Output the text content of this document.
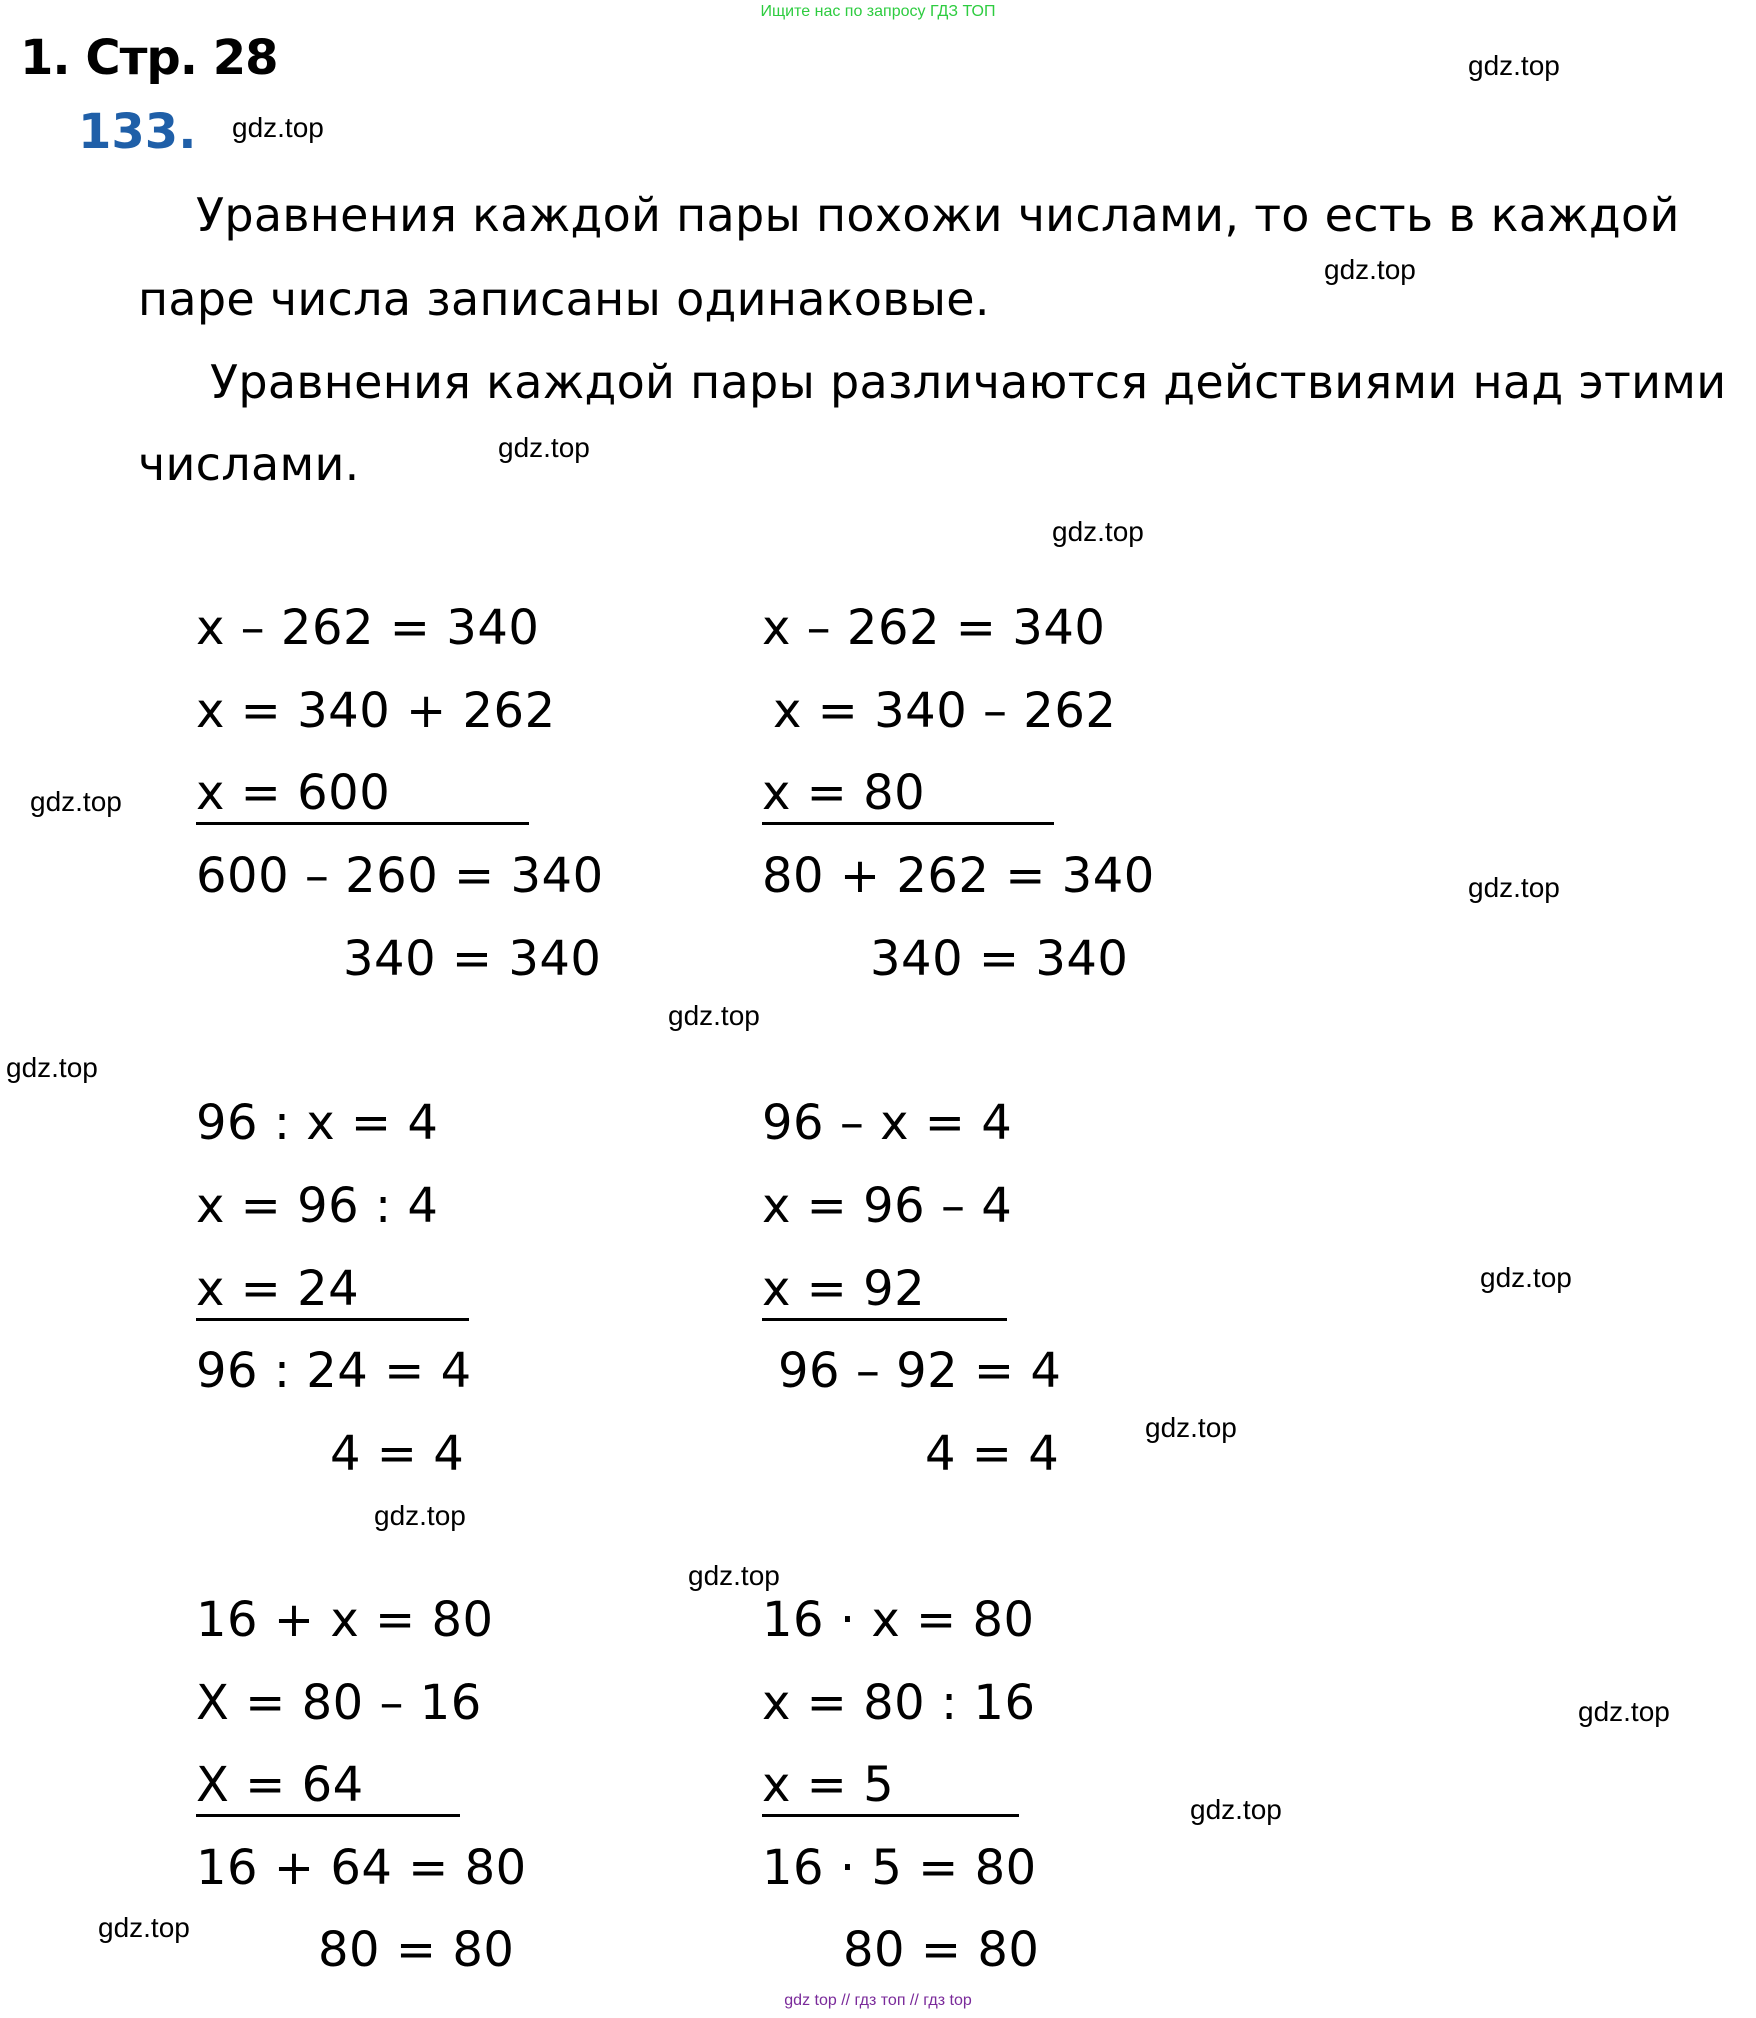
Ищите нас по запросу ГДЗ ТОП
1. Стр. 28
133.
Уравнения каждой пары похожи числами, то есть в каждой
паре числа записаны одинаковые.
Уравнения каждой пары различаются действиями над этими
числами.
x – 262 = 340
x = 340 + 262
x = 600
600 – 260 = 340
340 = 340
x – 262 = 340
x = 340 – 262
x = 80
80 + 262 = 340
340 = 340
96 : x = 4
x = 96 : 4
x = 24
96 : 24 = 4
4 = 4
96 – x = 4
x = 96 – 4
x = 92
96 – 92 = 4
4 = 4
16 + x = 80
X = 80 – 16
X = 64
16 + 64 = 80
80 = 80
16 · x = 80
x = 80 : 16
x = 5
16 · 5 = 80
80 = 80
gdz.top
gdz.top
gdz.top
gdz.top
gdz.top
gdz.top
gdz.top
gdz.top
gdz.top
gdz.top
gdz.top
gdz.top
gdz.top
gdz.top
gdz.top
gdz.top
gdz top // гдз топ // гдз top
